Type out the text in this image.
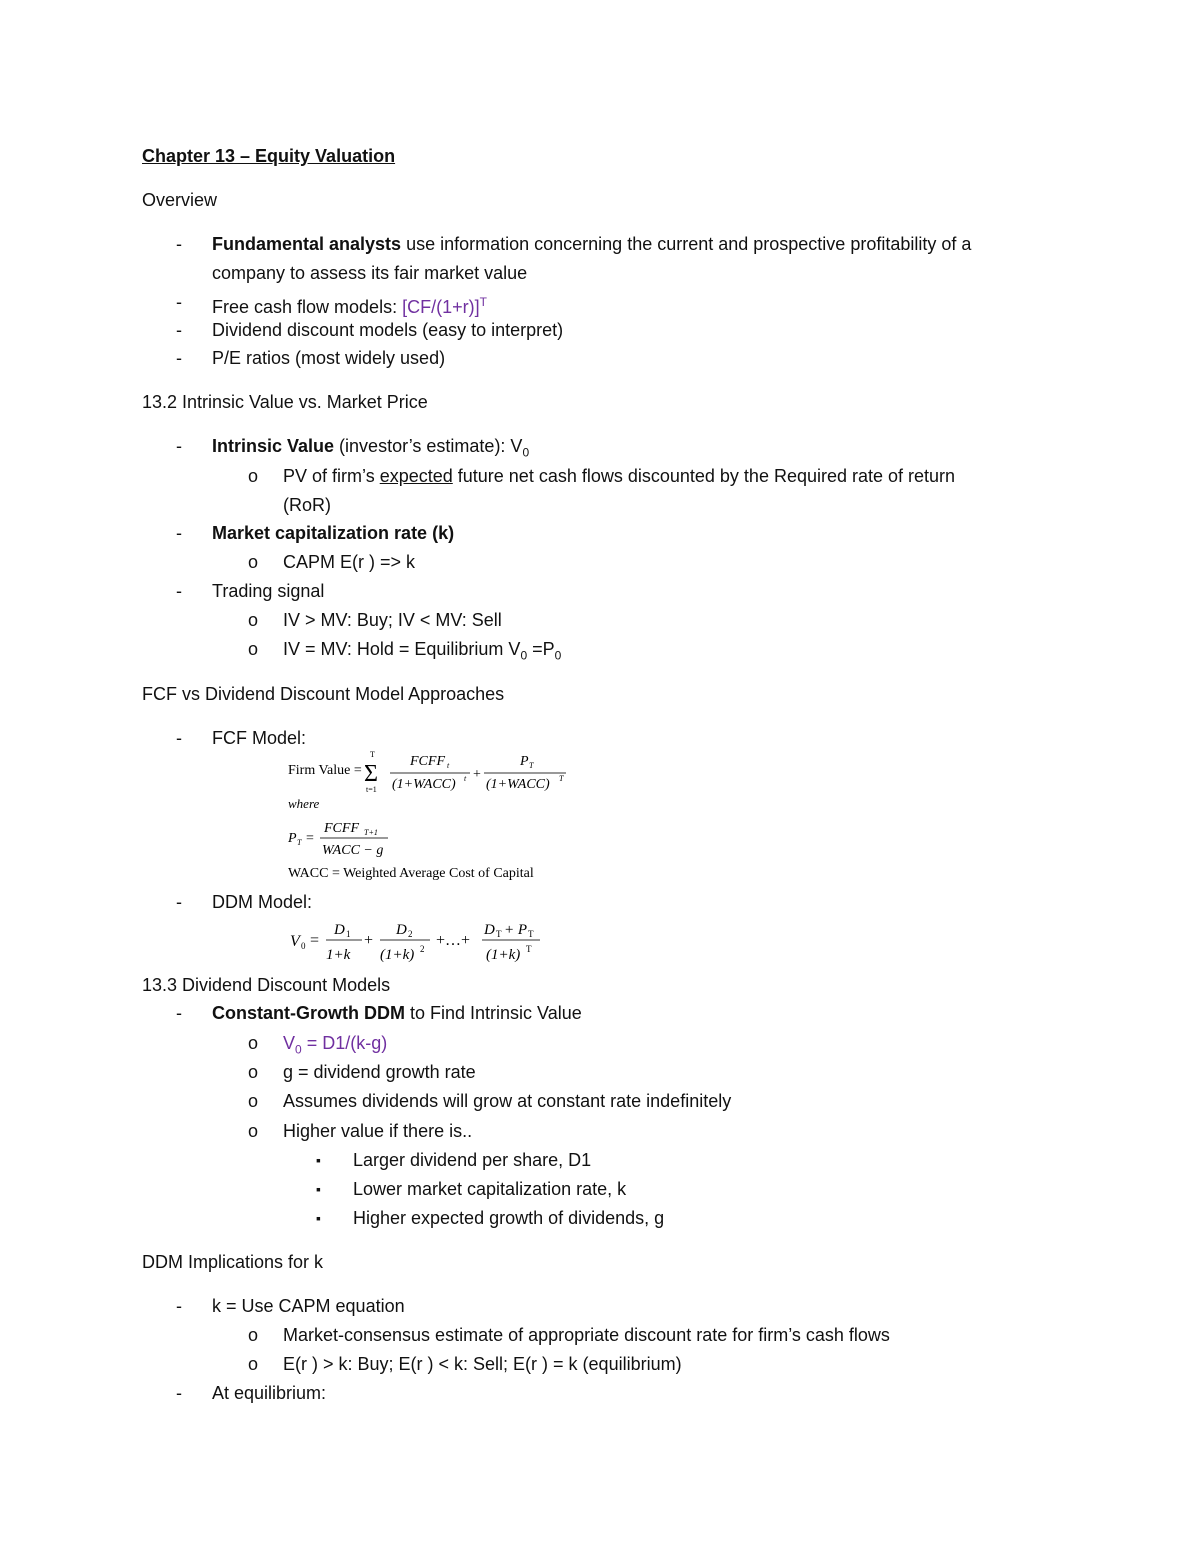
Chapter 13 – Equity Valuation
Overview
- Fundamental analysts use information concerning the current and prospective profitability of a
company to assess its fair market value
- Free cash flow models: $[CF/(1+r)]^T$
- Dividend discount models (easy to interpret)
- P/E ratios (most widely used)
13.2 Intrinsic Value vs. Market Price
- Intrinsic Value (investor’s estimate): $V_0$
o PV of firm’s expected future net cash flows discounted by the Required rate of return
(RoR)
- Market capitalization rate (k)
o CAPM E(r ) => k
- Trading signal
o IV > MV: Buy; IV < MV: Sell
o IV = MV: Hold = Equilibrium $V_0 =P_0$
FCF vs Dividend Discount Model Approaches
- FCF Model:
Firm Value =
T
Σ
t=1
FCFF t
(1+WACC) t +
P T
(1+WACC) T
where
P T =
FCFF T+1
WACC − g
WACC = Weighted Average Cost of Capital
- DDM Model:
V 0 =
D 1
1+k
+
D 2
(1+k) 2 +…+
D T + P T
(1+k) T
13.3 Dividend Discount Models
- Constant-Growth DDM to Find Intrinsic Value
o $V_0 = D1/(k-g)$
o g = dividend growth rate
o Assumes dividends will grow at constant rate indefinitely
o Higher value if there is..
▪ Larger dividend per share, D1
▪ Lower market capitalization rate, k
▪ Higher expected growth of dividends, g
DDM Implications for k
- k = Use CAPM equation
o Market-consensus estimate of appropriate discount rate for firm’s cash flows
o E(r ) > k: Buy; E(r ) < k: Sell; E(r ) = k (equilibrium)
- At equilibrium:
